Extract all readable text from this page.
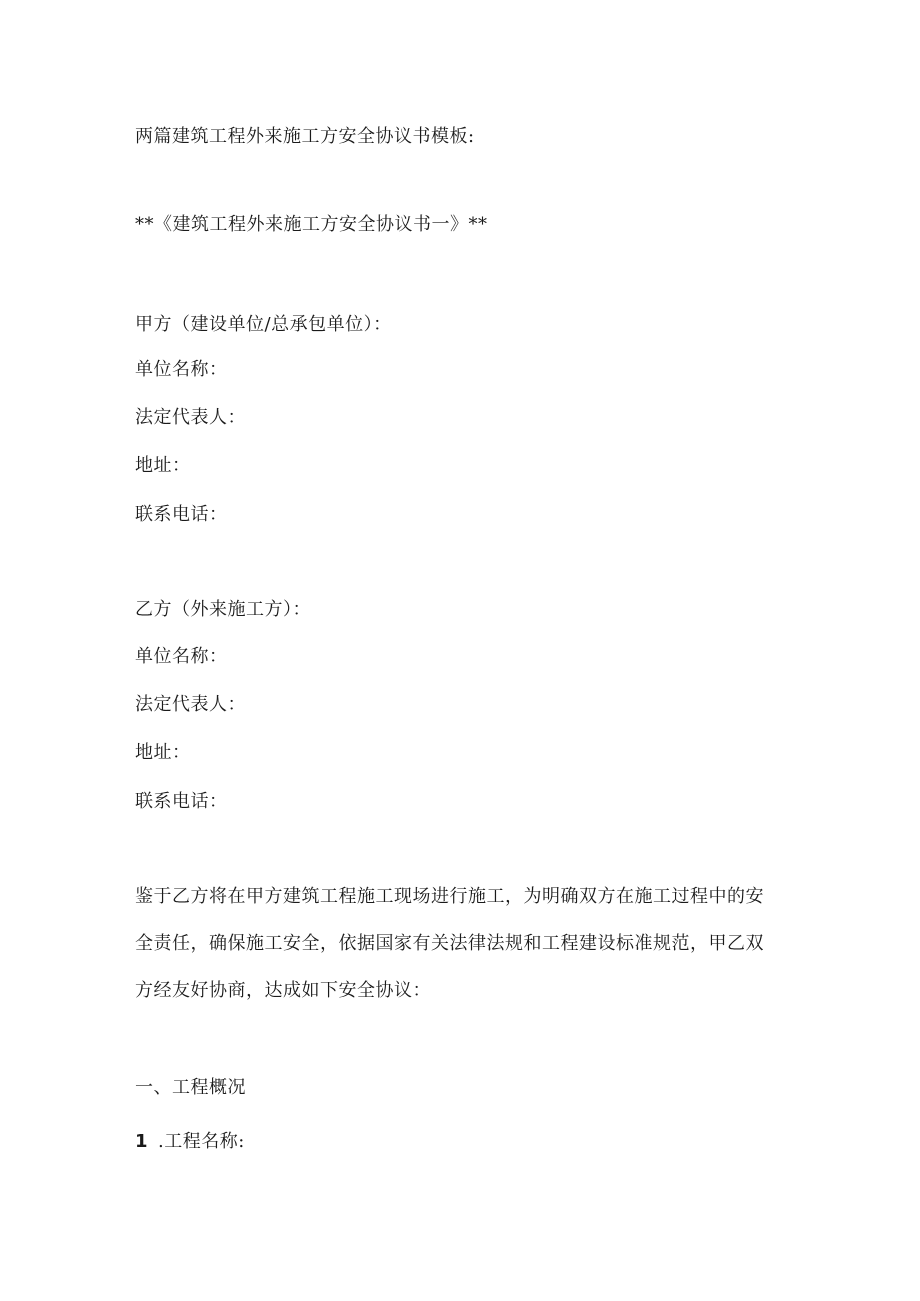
两篇建筑工程外来施工方安全协议书模板:
**《建筑工程外来施工方安全协议书一》**
甲方（建设单位/总承包单位）：
单位名称：
法定代表人：
地址：
联系电话：
乙方（外来施工方）：
单位名称：
法定代表人：
地址：
联系电话：
鉴于乙方将在甲方建筑工程施工现场进行施工，为明确双方在施工过程中的安
全责任，确保施工安全，依据国家有关法律法规和工程建设标准规范，甲乙双
方经友好协商，达成如下安全协议：
一、工程概况
1 .工程名称:
